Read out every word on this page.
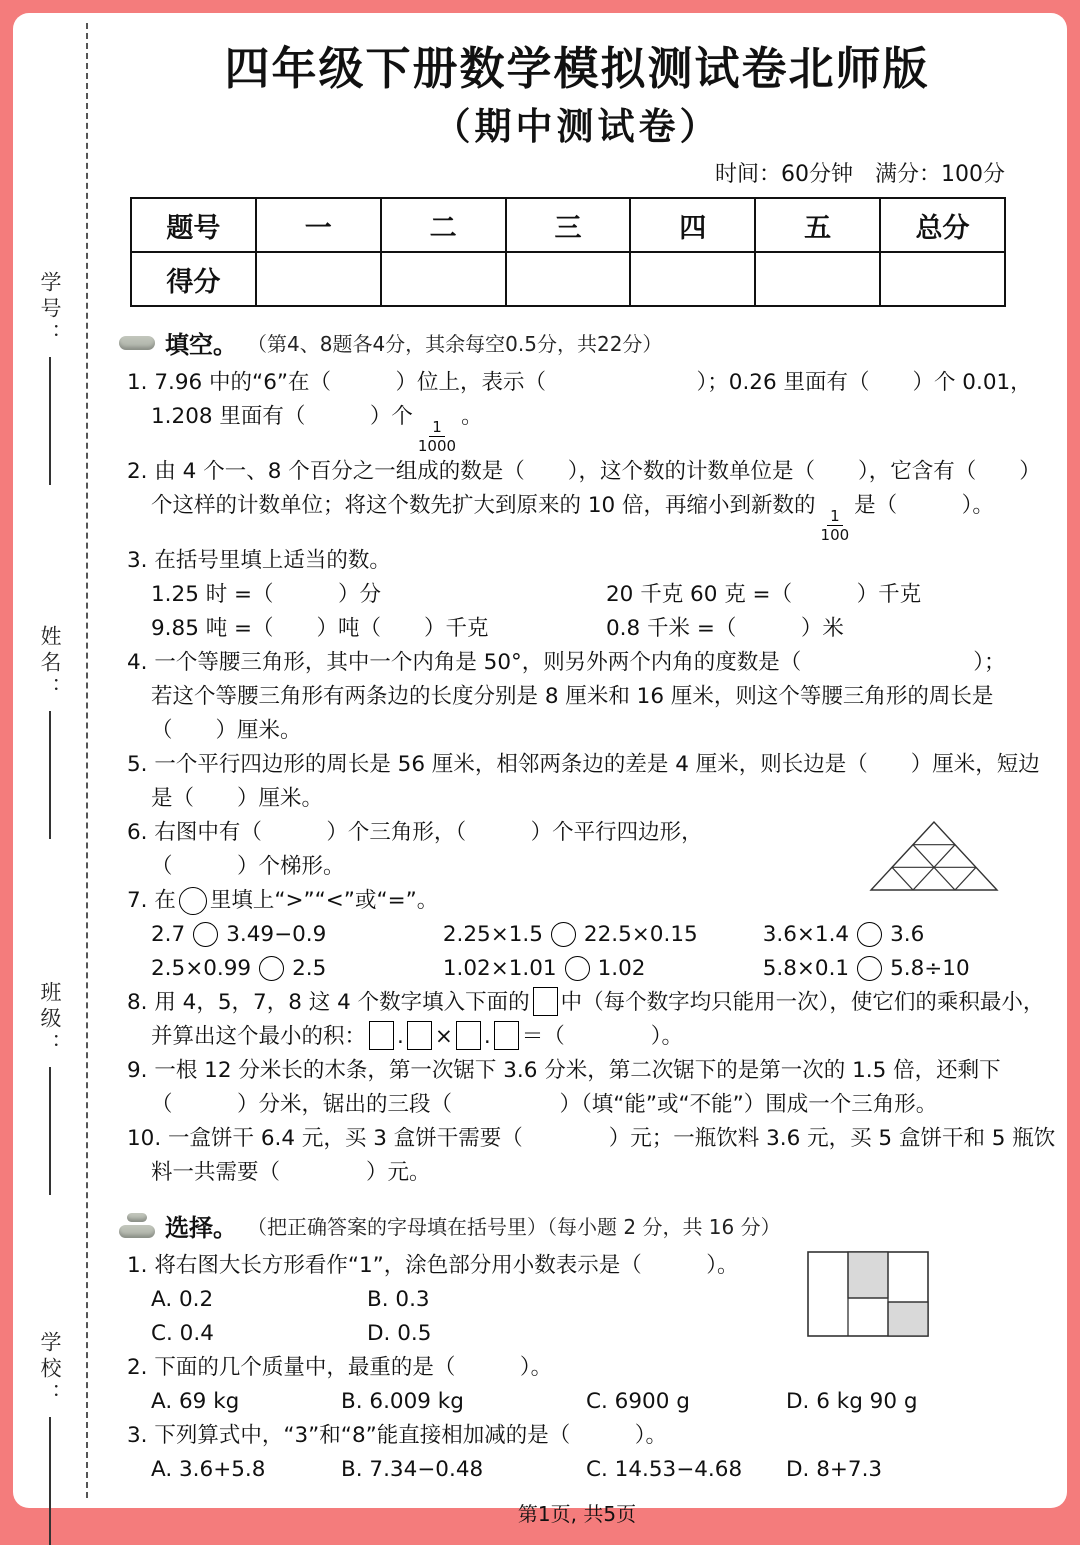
学号：
姓名：
班级：
学校：
四年级下册数学模拟测试卷北师版
（期中测试卷）
时间：60分钟　满分：100分
题号	一	二	三	四	五	总分
得分						
填空。 （第4、8题各4分，其余每空0.5分，共22分）
1. 7.96 中的“6”在（　　　）位上，表示（　　　　　　　）；0.26 里面有（　　）个 0.01，
1.208 里面有（　　　）个
$\frac{1}{1000}$
。
2. 由 4 个一、8 个百分之一组成的数是（　　），这个数的计数单位是（　　），它含有（　　）
个这样的计数单位；将这个数先扩大到原来的 10 倍，再缩小到新数的
$\frac{1}{100}$
是（　　　）。
3. 在括号里填上适当的数。
1.25 时 =（　　　）分	20 千克 60 克 =（　　　）千克
9.85 吨 =（　　）吨（　　）千克	0.8 千米 =（　　　）米
4. 一个等腰三角形，其中一个内角是 50°，则另外两个内角的度数是（　　　　　　　　）；
若这个等腰三角形有两条边的长度分别是 8 厘米和 16 厘米，则这个等腰三角形的周长是
（　　）厘米。
5. 一个平行四边形的周长是 56 厘米，相邻两条边的差是 4 厘米，则长边是（　　）厘米，短边
是（　　）厘米。
6. 右图中有（　　　）个三角形，（　　　）个平行四边形，
（　　　）个梯形。
7. 在 里填上“>”“<”或“=”。
2.7 3.49−0.9	2.25×1.5 22.5×0.15	3.6×1.4 3.6
2.5×0.99 2.5	1.02×1.01 1.02	5.8×0.1 5.8÷10
8. 用 4，5，7，8 这 4 个数字填入下面的 中（每个数字均只能用一次），使它们的乘积最小，
并算出这个最小的积： . × . ＝（　　　　）。
9. 一根 12 分米长的木条，第一次锯下 3.6 分米，第二次锯下的是第一次的 1.5 倍，还剩下
（　　　）分米，锯出的三段（　　　　　）（填“能”或“不能”）围成一个三角形。
10. 一盒饼干 6.4 元，买 3 盒饼干需要（　　　　）元；一瓶饮料 3.6 元，买 5 盒饼干和 5 瓶饮
料一共需要（　　　　）元。
选择。 （把正确答案的字母填在括号里）（每小题 2 分，共 16 分）
1. 将右图大长方形看作“1”，涂色部分用小数表示是（　　　）。
A. 0.2	B. 0.3
C. 0.4	D. 0.5
2. 下面的几个质量中，最重的是（　　　）。
A. 69 kg	B. 6.009 kg	C. 6900 g	D. 6 kg 90 g
3. 下列算式中，“3”和“8”能直接相加减的是（　　　）。
A. 3.6+5.8	B. 7.34−0.48	C. 14.53−4.68 D. 8+7.3
第1页, 共5页
